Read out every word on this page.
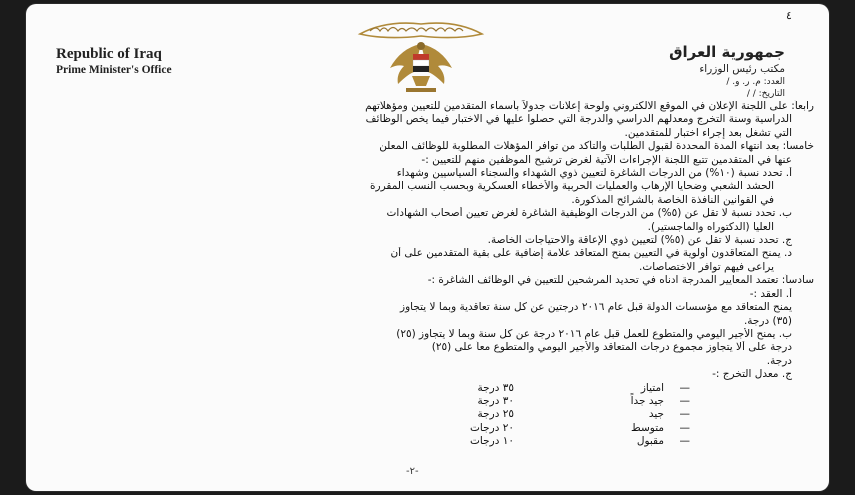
٤
Republic of Iraq
Prime Minister's Office
جمهورية العراق
مكتب رئيس الوزراء
العدد: م. ر. و. /
التاريخ: / /

رابعاً: على اللجنة الإعلان في الموقع الالكتروني ولوحة إعلانات جدولاً بأسماء المتقدمين للتعيين ومؤهلاتهم

الدراسية وسنة التخرج ومعدلهم الدراسي والدرجة التي حصلوا عليها في الاختبار فيما يخص الوظائف

التي تشغل بعد إجراء اختبار للمتقدمين.

خامساً: بعد انتهاء المدة المحددة لقبول الطلبات والتأكد من توافر المؤهلات المطلوبة للوظائف المعلن

عنها في المتقدمين تتبع اللجنة الإجراءات الآتية لغرض ترشيح الموظفين منهم للتعيين :-

أ. تحدد نسبة (١٠%) من الدرجات الشاغرة لتعيين ذوي الشهداء والسجناء السياسيين وشهداء

الحشد الشعبي وضحايا الإرهاب والعمليات الحربية والأخطاء العسكرية وبحسب النسب المقررة

في القوانين النافذة الخاصة بالشرائح المذكورة.

ب. تحدد نسبة لا تقل عن (٥%) من الدرجات الوظيفية الشاغرة لغرض تعيين أصحاب الشهادات

العليا (الدكتوراه والماجستير).

ج. تحدد نسبة لا تقل عن (٥%) لتعيين ذوي الإعاقة والاحتياجات الخاصة.

د. يمنح المتعاقدون أولوية في التعيين بمنح المتعاقد علامة إضافية على بقية المتقدمين على أن

يراعى فيهم توافر الاختصاصات.

سادساً: تعتمد المعايير المدرجة ادناه في تحديد المرشحين للتعيين في الوظائف الشاغرة :-

أ. العقد :-

يمنح المتعاقد مع مؤسسات الدولة قبل عام ٢٠١٦ درجتين عن كل سنة تعاقدية وبما لا يتجاوز

(٣٥) درجة.

ب. يمنح الأجير اليومي والمتطوع للعمل قبل عام ٢٠١٦ درجة عن كل سنة وبما لا يتجاوز (٢٥)

درجة على ألا يتجاوز مجموع درجات المتعاقد والأجير اليومي والمتطوع معاً على (٢٥)

درجة.

ج. معدل التخرج :-

—
امتياز
٣٥ درجة
—
جيد جداً
٣٠ درجة
—
جيد
٢٥ درجة
—
متوسط
٢٠ درجات
—
مقبول
١٠ درجات
-٢-
